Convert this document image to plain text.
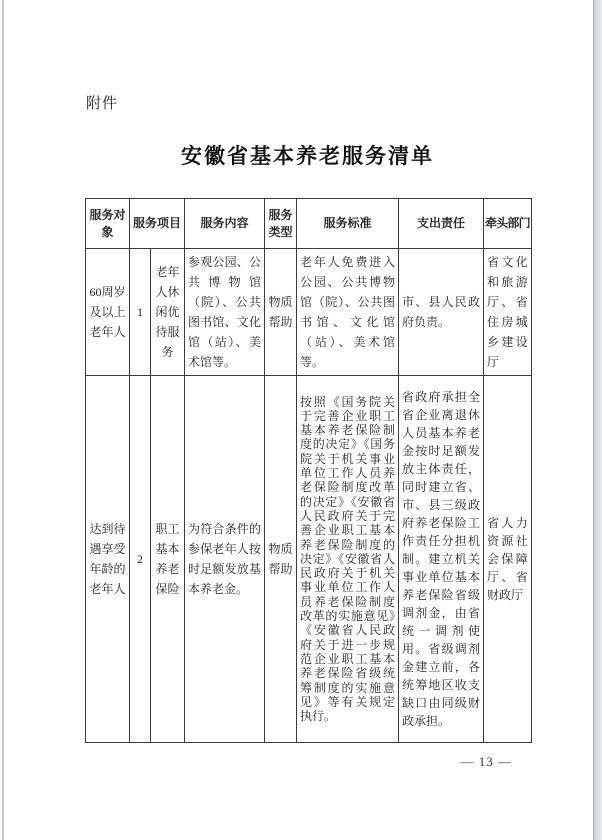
附件
安徽省基本养老服务清单
服务对象	服务项目		服务内容	服务类型	服务标准	支出责任	牵头部门
60周岁及以上老年人	1	老年人休闲优待服务	参观公园、公共博物馆（院）、公共图书馆、文化馆（站）、美术馆等。	物质帮助	老年人免费进入公园、公共博物馆（院）、公共图书馆、文化馆（站）、美术馆等。	市、县人民政府负责。	省文化和旅游厅、省住房城乡建设厅
达到待遇享受年龄的老年人	2	职工基本养老保险	为符合条件的参保老年人按时足额发放基本养老金。	物质帮助	按照《国务院关于完善企业职工基本养老保险制度的决定》《国务院关于机关事业单位工作人员养老保险制度改革的决定》《安徽省人民政府关于完善企业职工基本养老保险制度的决定》《安徽省人民政府关于机关事业单位工作人员养老保险制度改革的实施意见》《安徽省人民政府关于进一步规范企业职工基本养老保险省级统筹制度的实施意见》等有关规定执行。	省政府承担全省企业离退休人员基本养老金按时足额发放主体责任，同时建立省、市、县三级政府养老保险工作责任分担机制。建立机关事业单位基本养老保险省级调剂金，由省统一调剂使用。省级调剂金建立前，各统筹地区收支缺口由同级财政承担。	省人力资源社会保障厅、省财政厅
— 13 —
